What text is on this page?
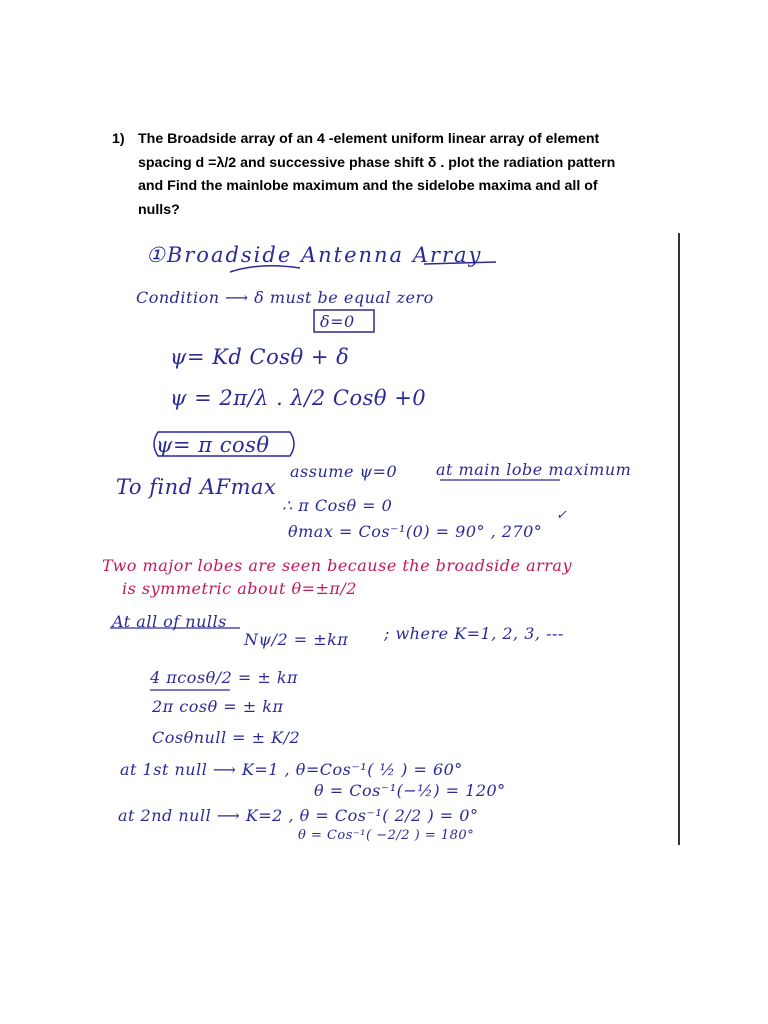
1) The Broadside array of an 4 -element uniform linear array of element
spacing d =λ/2 and successive phase shift δ . plot the radiation pattern
and Find the mainlobe maximum and the sidelobe maxima and all of
nulls?
①Broadside Antenna Array
Condition ⟶ δ must be equal zero
δ=0
ψ= Kd Cosθ + δ
ψ = 2π/λ . λ/2 Cosθ +0
ψ= π cosθ
To find AFmax
assume ψ=0 at main lobe maximum
∴ π Cosθ = 0
θmax = Cos⁻¹(0) = 90° , 270°
✓
Two major lobes are seen because the broadside array
is symmetric about θ=±π/2
At all of nulls
Nψ/2 = ±kπ ; where K=1, 2, 3, ---
4 πcosθ/2 = ± kπ
2π cosθ = ± kπ
Cosθnull = ± K/2
at 1st null ⟶ K=1 , θ=Cos⁻¹( ½ ) = 60°
θ = Cos⁻¹(−½) = 120°
at 2nd null ⟶ K=2 , θ = Cos⁻¹( 2/2 ) = 0°
θ = Cos⁻¹( −2/2 ) = 180°
